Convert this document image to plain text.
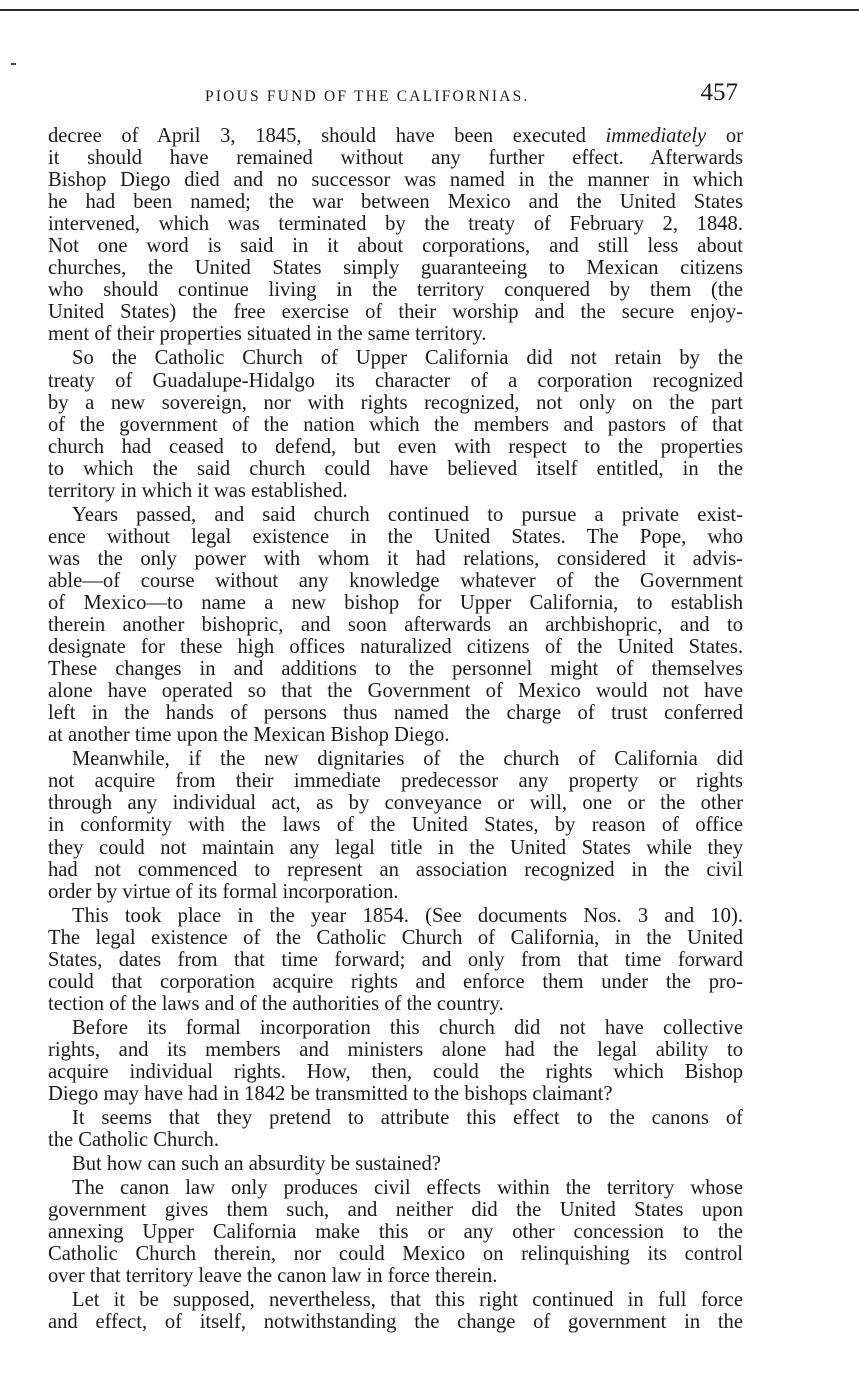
PIOUS FUND OF THE CALIFORNIAS.	457
decree of April 3, 1845, should have been executed immediately or
it should have remained without any further effect. Afterwards
Bishop Diego died and no successor was named in the manner in which
he had been named; the war between Mexico and the United States
intervened, which was terminated by the treaty of February 2, 1848.
Not one word is said in it about corporations, and still less about
churches, the United States simply guaranteeing to Mexican citizens
who should continue living in the territory conquered by them (the
United States) the free exercise of their worship and the secure enjoy-
ment of their properties situated in the same territory.
So the Catholic Church of Upper California did not retain by the
treaty of Guadalupe-Hidalgo its character of a corporation recognized
by a new sovereign, nor with rights recognized, not only on the part
of the government of the nation which the members and pastors of that
church had ceased to defend, but even with respect to the properties
to which the said church could have believed itself entitled, in the
territory in which it was established.
Years passed, and said church continued to pursue a private exist-
ence without legal existence in the United States. The Pope, who
was the only power with whom it had relations, considered it advis-
able—of course without any knowledge whatever of the Government
of Mexico—to name a new bishop for Upper California, to establish
therein another bishopric, and soon afterwards an archbishopric, and to
designate for these high offices naturalized citizens of the United States.
These changes in and additions to the personnel might of themselves
alone have operated so that the Government of Mexico would not have
left in the hands of persons thus named the charge of trust conferred
at another time upon the Mexican Bishop Diego.
Meanwhile, if the new dignitaries of the church of California did
not acquire from their immediate predecessor any property or rights
through any individual act, as by conveyance or will, one or the other
in conformity with the laws of the United States, by reason of office
they could not maintain any legal title in the United States while they
had not commenced to represent an association recognized in the civil
order by virtue of its formal incorporation.
This took place in the year 1854. (See documents Nos. 3 and 10).
The legal existence of the Catholic Church of California, in the United
States, dates from that time forward; and only from that time forward
could that corporation acquire rights and enforce them under the pro-
tection of the laws and of the authorities of the country.
Before its formal incorporation this church did not have collective
rights, and its members and ministers alone had the legal ability to
acquire individual rights. How, then, could the rights which Bishop
Diego may have had in 1842 be transmitted to the bishops claimant?
It seems that they pretend to attribute this effect to the canons of
the Catholic Church.
But how can such an absurdity be sustained?
The canon law only produces civil effects within the territory whose
government gives them such, and neither did the United States upon
annexing Upper California make this or any other concession to the
Catholic Church therein, nor could Mexico on relinquishing its control
over that territory leave the canon law in force therein.
Let it be supposed, nevertheless, that this right continued in full force
and effect, of itself, notwithstanding the change of government in the
